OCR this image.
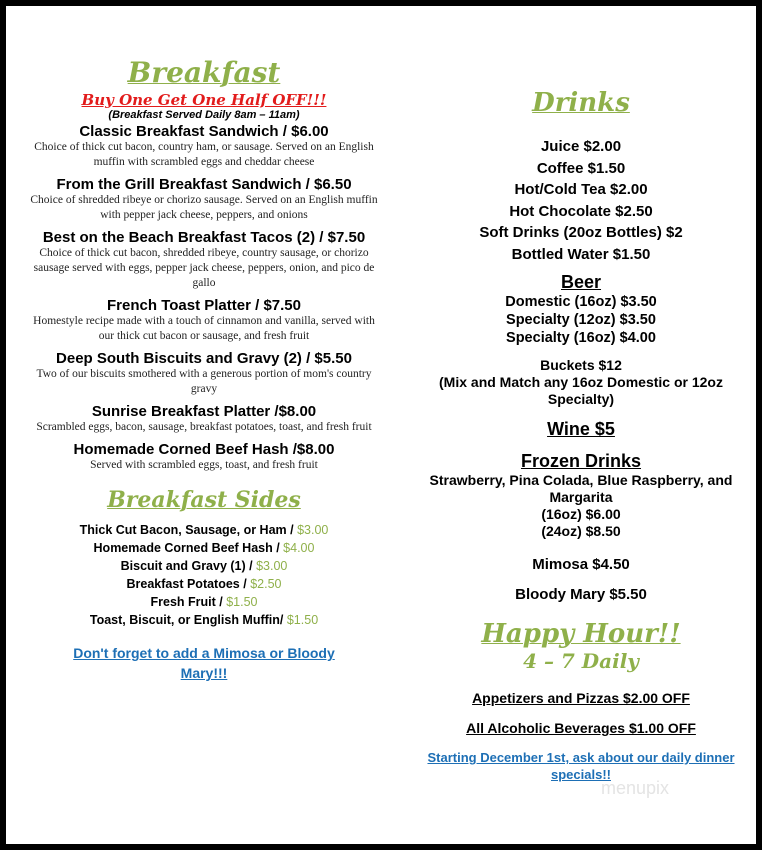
Breakfast
Buy One Get One Half OFF!!!
(Breakfast Served Daily 8am – 11am)
Classic Breakfast Sandwich / $6.00
Choice of thick cut bacon, country ham, or sausage. Served on an English muffin with scrambled eggs and cheddar cheese
From the Grill Breakfast Sandwich / $6.50
Choice of shredded ribeye or chorizo sausage. Served on an English muffin with pepper jack cheese, peppers, and onions
Best on the Beach Breakfast Tacos (2) / $7.50
Choice of thick cut bacon, shredded ribeye, country sausage, or chorizo sausage served with eggs, pepper jack cheese, peppers, onion, and pico de gallo
French Toast Platter / $7.50
Homestyle recipe made with a touch of cinnamon and vanilla, served with our thick cut bacon or sausage, and fresh fruit
Deep South Biscuits and Gravy (2) / $5.50
Two of our biscuits smothered with a generous portion of mom's country gravy
Sunrise Breakfast Platter /$8.00
Scrambled eggs, bacon, sausage, breakfast potatoes, toast, and fresh fruit
Homemade Corned Beef Hash /$8.00
Served with scrambled eggs, toast, and fresh fruit
Breakfast Sides
Thick Cut Bacon, Sausage, or Ham / $3.00
Homemade Corned Beef Hash / $4.00
Biscuit and Gravy (1) / $3.00
Breakfast Potatoes / $2.50
Fresh Fruit / $1.50
Toast, Biscuit, or English Muffin/ $1.50
Don't forget to add a Mimosa or Bloody Mary!!!
Drinks
Juice $2.00
Coffee $1.50
Hot/Cold Tea $2.00
Hot Chocolate $2.50
Soft Drinks (20oz Bottles) $2
Bottled Water $1.50
Beer
Domestic (16oz) $3.50
Specialty (12oz) $3.50
Specialty (16oz) $4.00
Buckets $12
(Mix and Match any 16oz Domestic or 12oz Specialty)
Wine $5
Frozen Drinks
Strawberry, Pina Colada, Blue Raspberry, and Margarita
(16oz) $6.00
(24oz) $8.50
Mimosa $4.50
Bloody Mary $5.50
Happy Hour!!
4 – 7 Daily
Appetizers and Pizzas $2.00 OFF
All Alcoholic Beverages $1.00 OFF
Starting December 1st, ask about our daily dinner specials!!
menupix
